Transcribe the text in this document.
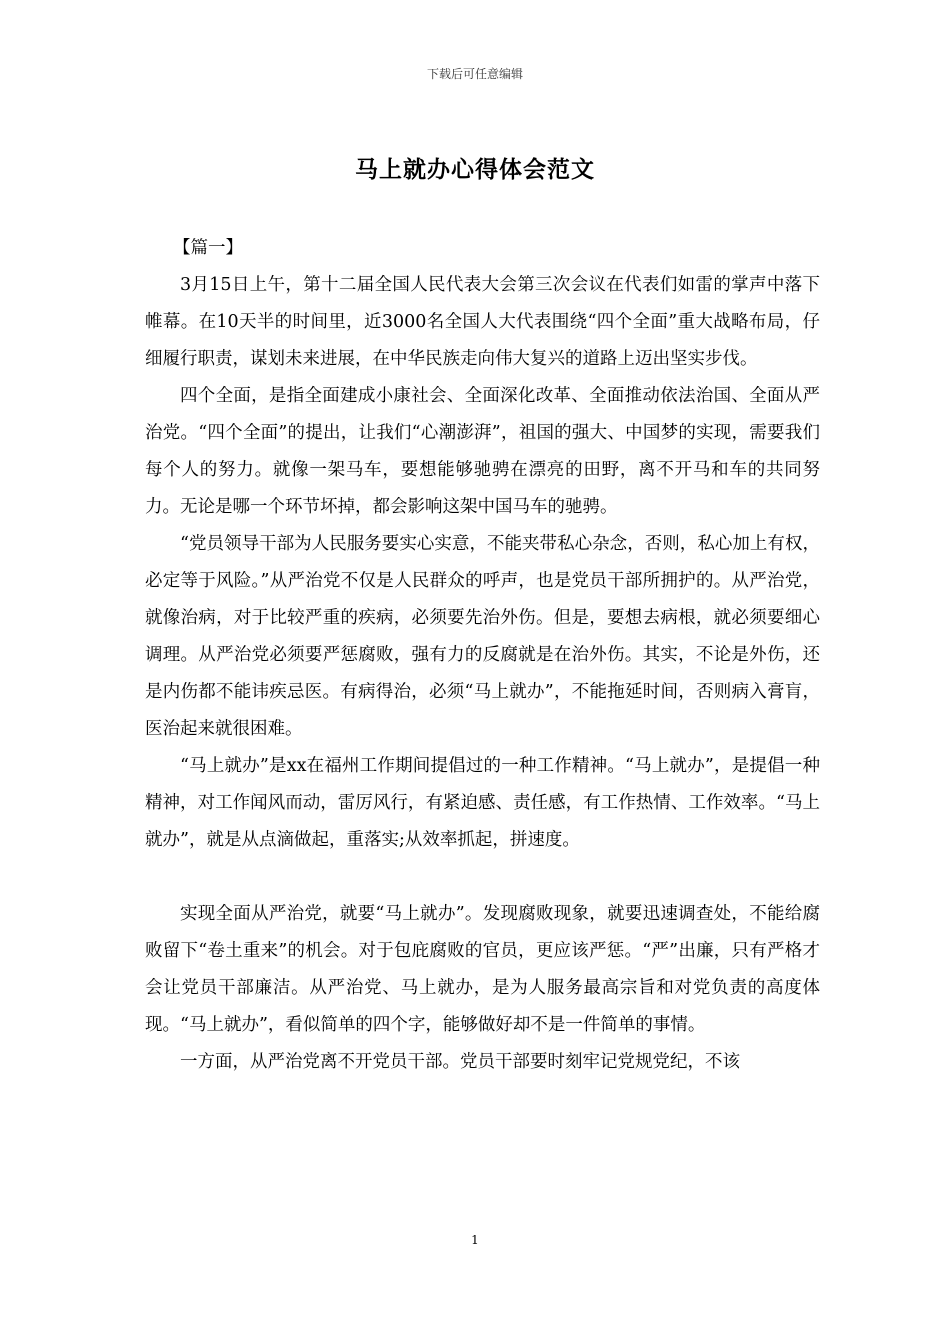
下载后可任意编辑
马上就办心得体会范文

【篇一】

3月15日上午，第十二届全国人民代表大会第三次会议在代表们如雷的掌声中落下帷幕。在10天半的时间里，近3000名全国人大代表围绕“四个全面”重大战略布局，仔细履行职责，谋划未来进展，在中华民族走向伟大复兴的道路上迈出坚实步伐。

四个全面，是指全面建成小康社会、全面深化改革、全面推动依法治国、全面从严治党。“四个全面”的提出，让我们“心潮澎湃”，祖国的强大、中国梦的实现，需要我们每个人的努力。就像一架马车，要想能够驰骋在漂亮的田野，离不开马和车的共同努力。无论是哪一个环节坏掉，都会影响这架中国马车的驰骋。

“党员领导干部为人民服务要实心实意，不能夹带私心杂念，否则，私心加上有权，必定等于风险。”从严治党不仅是人民群众的呼声，也是党员干部所拥护的。从严治党，就像治病，对于比较严重的疾病，必须要先治外伤。但是，要想去病根，就必须要细心调理。从严治党必须要严惩腐败，强有力的反腐就是在治外伤。其实，不论是外伤，还是内伤都不能讳疾忌医。有病得治，必须“马上就办”，不能拖延时间，否则病入膏肓，医治起来就很困难。

“马上就办”是xx在福州工作期间提倡过的一种工作精神。“马上就办”，是提倡一种精神，对工作闻风而动，雷厉风行，有紧迫感、责任感，有工作热情、工作效率。“马上就办”，就是从点滴做起，重落实;从效率抓起，拼速度。

实现全面从严治党，就要“马上就办”。发现腐败现象，就要迅速调查处，不能给腐败留下“卷土重来”的机会。对于包庇腐败的官员，更应该严惩。“严”出廉，只有严格才会让党员干部廉洁。从严治党、马上就办，是为人服务最高宗旨和对党负责的高度体现。“马上就办”，看似简单的四个字，能够做好却不是一件简单的事情。

一方面，从严治党离不开党员干部。党员干部要时刻牢记党规党纪，不该

1
